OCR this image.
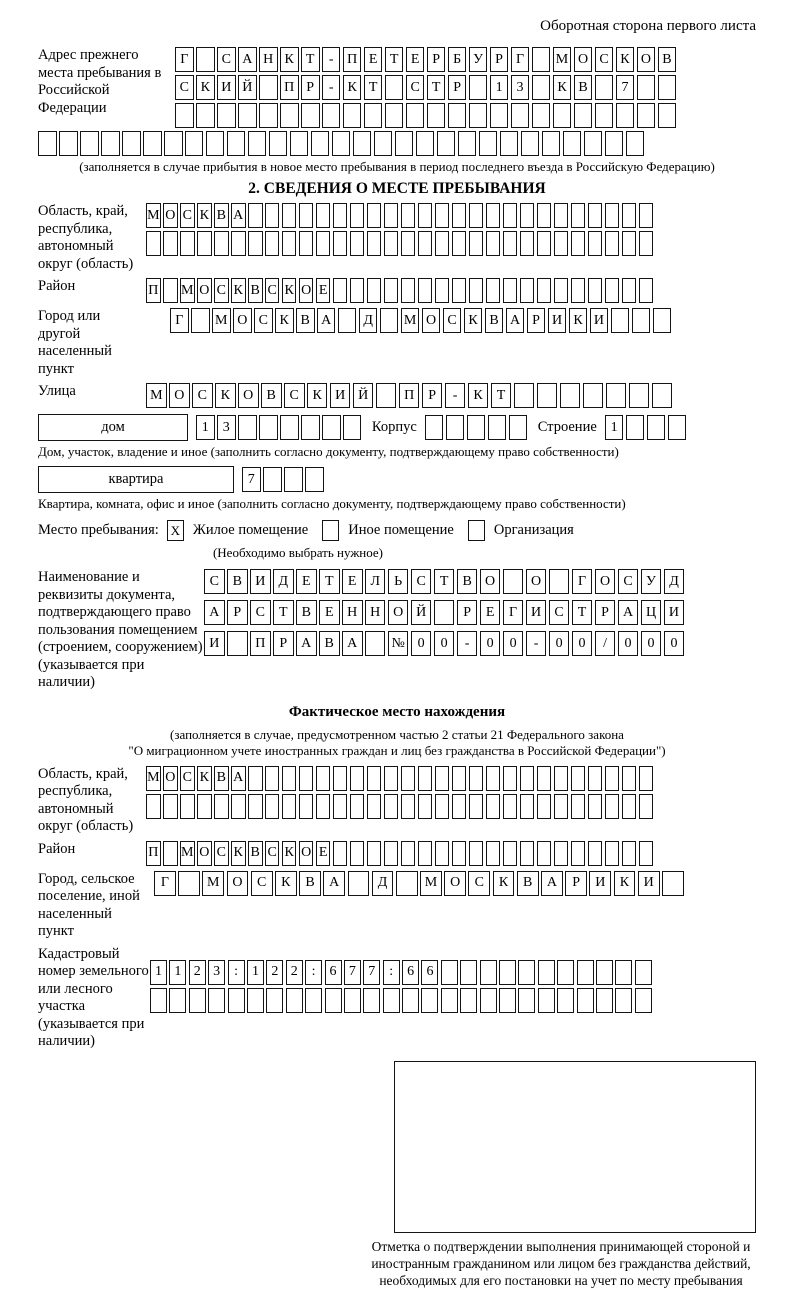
Оборотная сторона первого листа
Адрес прежнего места пребывания в Российской Федерации
Г	С А Н К Т	- П Е Т Е Р Б У Р Г	М О С К О В
С К И Й	П Р	- К Т	С Т Р	1 3	К В	7
(заполняется в случае прибытия в новое место пребывания в период последнего въезда в Российскую Федерацию)
2. СВЕДЕНИЯ О МЕСТЕ ПРЕБЫВАНИЯ
Область, край, республика, автономный округ (область)
М О С К В А
Район	П М О С К В С К О Е
Город или другой населенный пункт
Г	М О С К В А	Д	М О С К В А Р И К И
Улица	М О С К О В С К И Й	П	Р	-	К	Т
дом	1 3	Корпус	Строение 1
Дом, участок, владение и иное (заполнить согласно документу, подтверждающему право собственности)
квартира	7
Квартира, комната, офис и иное (заполнить согласно документу, подтверждающему право собственности)
Место пребывания: X Жилое помещение	Иное помещение	Организация
(Необходимо выбрать нужное)
Наименование и реквизиты документа, подтверждающего право пользования помещением (строением, сооружением) (указывается при наличии)
С В И Д Е	Т	Е Л	Ь	С	Т	В О	О	Г О С У Д
А	Р	С	Т	В	Е Н Н О Й	Р	Е	Г И С	Т	Р	А Ц И
И	П	Р	А В А	№ 0	0	-	0	0	-	0	0	/	0	0	0
Фактическое место нахождения
(заполняется в случае, предусмотренном частью 2 статьи 21 Федерального закона
"О миграционном учете иностранных граждан и лиц без гражданства в Российской Федерации")
Область, край, республика, автономный округ (область)
М О С К В А
Район	П М О С К В С К О Е
Город, сельское поселение, иной населенный пункт
Г	М О	С	К	В	А	Д	М О	С	К	В	А	Р	И	К	И
Кадастровый номер земельного или лесного участка (указывается при наличии)
1 1 2 3 : 1 2 2 : 6 7 7 : 6 6
Отметка о подтверждении выполнения принимающей стороной и иностранным гражданином или лицом без гражданства действий, необходимых для его постановки на учет по месту пребывания
